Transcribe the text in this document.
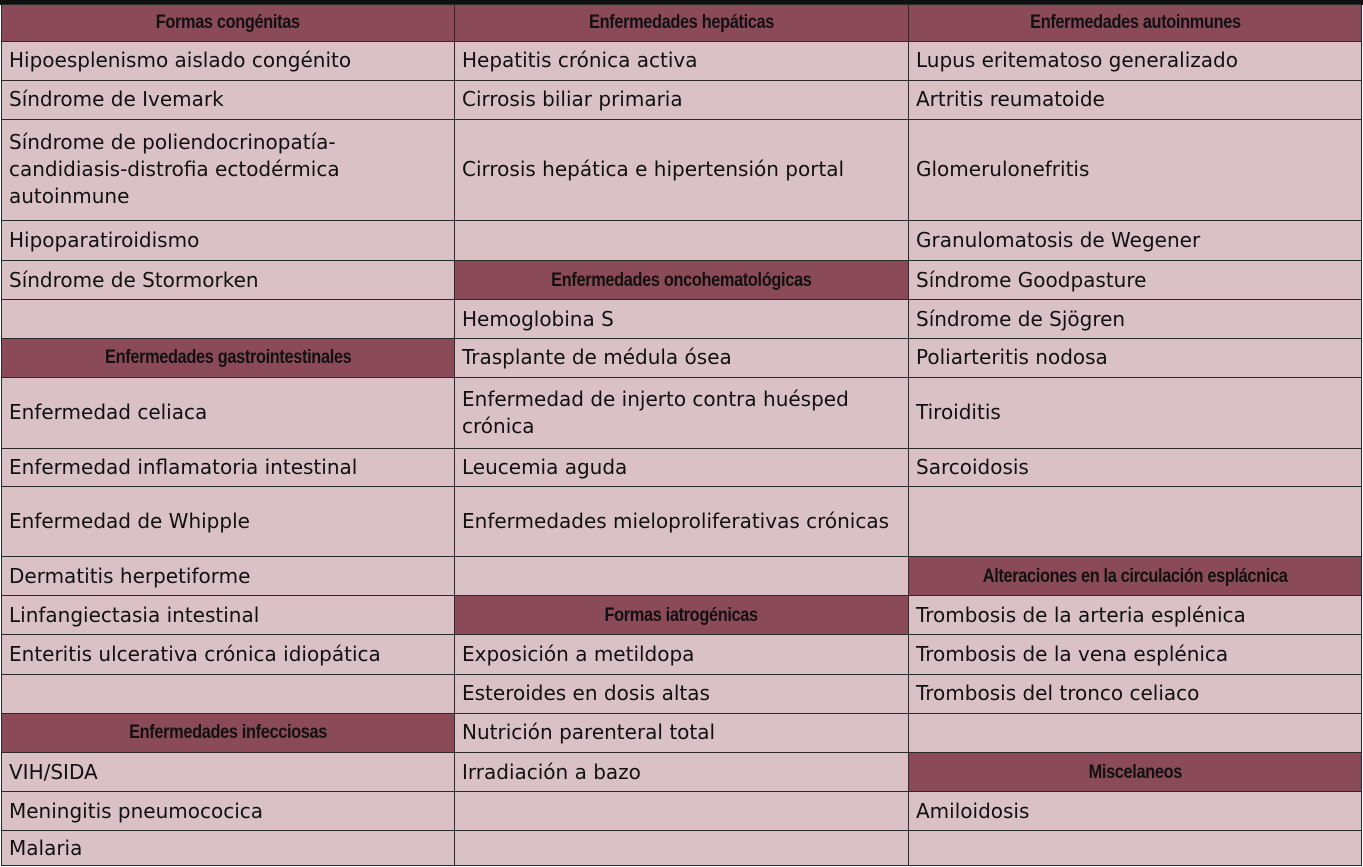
Formas congénitas	Enfermedades hepáticas	Enfermedades autoinmunes
Hipoesplenismo aislado congénito	Hepatitis crónica activa	Lupus eritematoso generalizado
Síndrome de Ivemark	Cirrosis biliar primaria	Artritis reumatoide
Síndrome de poliendocrinopatía-candidiasis-distrofia ectodérmica autoinmune	Cirrosis hepática e hipertensión portal	Glomerulonefritis
Hipoparatiroidismo		Granulomatosis de Wegener
Síndrome de Stormorken	Enfermedades oncohematológicas	Síndrome Goodpasture
	Hemoglobina S	Síndrome de Sjögren
Enfermedades gastrointestinales	Trasplante de médula ósea	Poliarteritis nodosa
Enfermedad celiaca	Enfermedad de injerto contra huésped crónica	Tiroiditis
Enfermedad inflamatoria intestinal	Leucemia aguda	Sarcoidosis
Enfermedad de Whipple	Enfermedades mieloproliferativas crónicas	
Dermatitis herpetiforme		Alteraciones en la circulación esplácnica
Linfangiectasia intestinal	Formas iatrogénicas	Trombosis de la arteria esplénica
Enteritis ulcerativa crónica idiopática	Exposición a metildopa	Trombosis de la vena esplénica
	Esteroides en dosis altas	Trombosis del tronco celiaco
Enfermedades infecciosas	Nutrición parenteral total	
VIH/SIDA	Irradiación a bazo	Miscelaneos
Meningitis pneumococica		Amiloidosis
Malaria		
